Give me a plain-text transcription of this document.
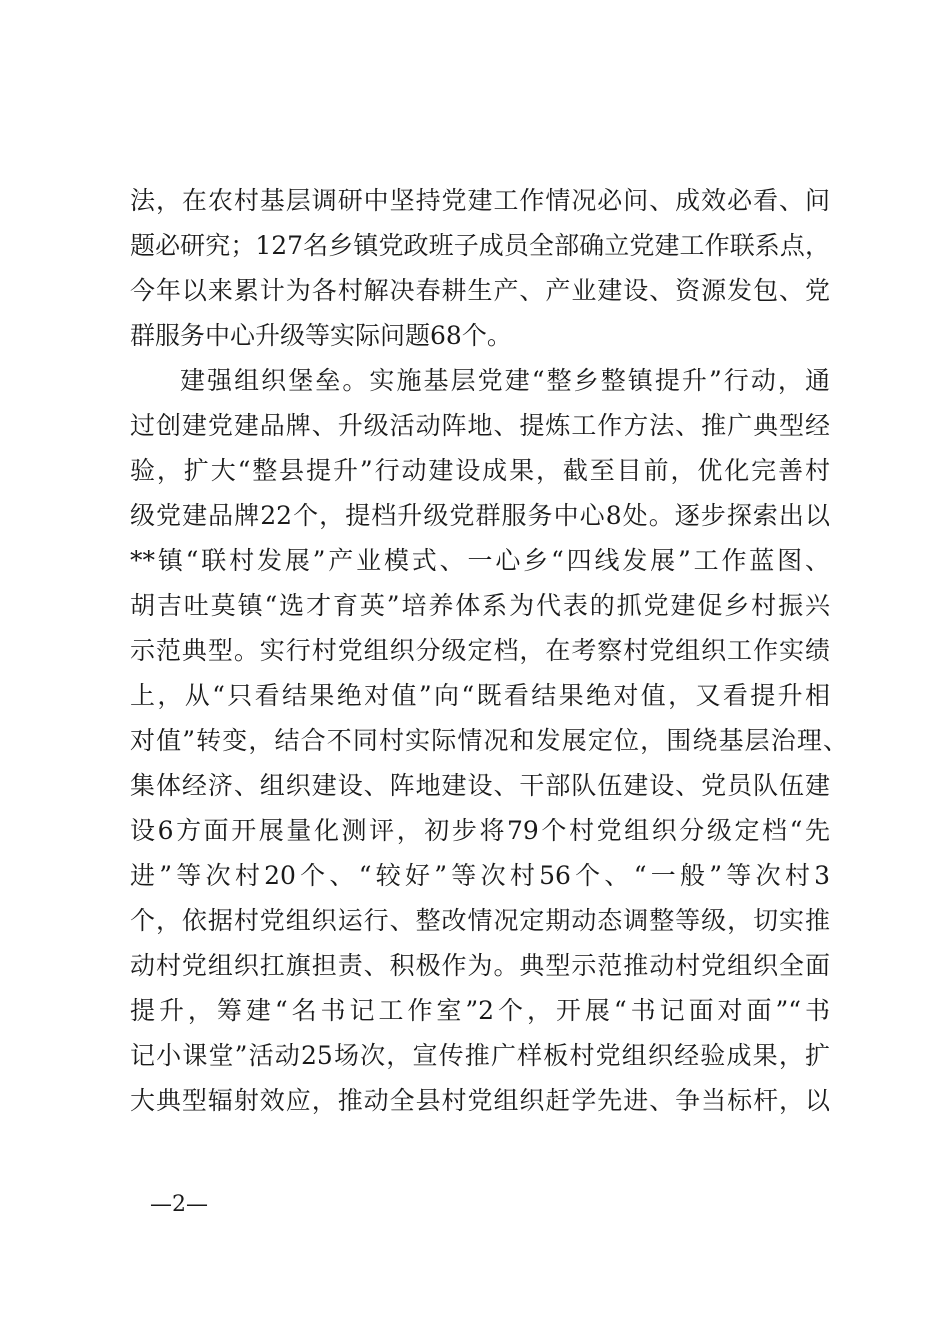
法，在农村基层调研中坚持党建工作情况必问、成效必看、问
题必研究；127名乡镇党政班子成员全部确立党建工作联系点，
今年以来累计为各村解决春耕生产、产业建设、资源发包、党
群服务中心升级等实际问题68个。
建强组织堡垒。实施基层党建“整乡整镇提升”行动，通
过创建党建品牌、升级活动阵地、提炼工作方法、推广典型经
验，扩大“整县提升”行动建设成果，截至目前，优化完善村
级党建品牌22个，提档升级党群服务中心8处。逐步探索出以
**镇“联村发展”产业模式、一心乡“四线发展”工作蓝图、
胡吉吐莫镇“选才育英”培养体系为代表的抓党建促乡村振兴
示范典型。实行村党组织分级定档，在考察村党组织工作实绩
上，从“只看结果绝对值”向“既看结果绝对值，又看提升相
对值”转变，结合不同村实际情况和发展定位，围绕基层治理、
集体经济、组织建设、阵地建设、干部队伍建设、党员队伍建
设6方面开展量化测评，初步将79个村党组织分级定档“先
进”等次村20个、“较好”等次村56个、“一般”等次村3
个，依据村党组织运行、整改情况定期动态调整等级，切实推
动村党组织扛旗担责、积极作为。典型示范推动村党组织全面
提升，筹建“名书记工作室”2个，开展“书记面对面”“书
记小课堂”活动25场次，宣传推广样板村党组织经验成果，扩
大典型辐射效应，推动全县村党组织赶学先进、争当标杆，以
—2—
